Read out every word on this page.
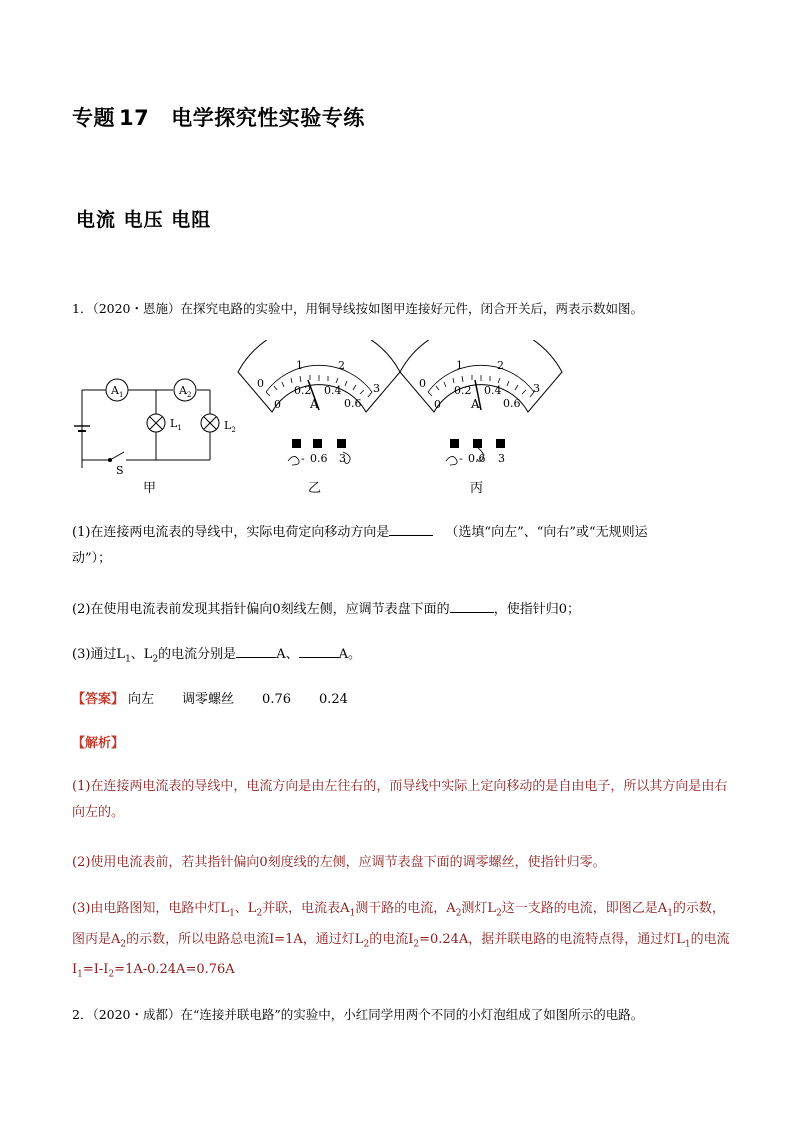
专题 17 电学探究性实验专练
电流 电压 电阻
1．（2020・恩施）在探究电路的实验中，用铜导线按如图甲连接好元件，闭合开关后，两表示数如图。
$A_1$	$A_2$
$L_1$	$L_2$
S
甲
0
1	2
3
0
0.2 0.4
0.6
A
- 0.6 3
乙
0
1	2
3
0
0.2 0.4
0.6
A
- 0.6 3
丙
(1)在连接两电流表的导线中，实际电荷定向移动方向是	（选填“向左”、“向右”或“无规则运
动”）；
(2)在使用电流表前发现其指针偏向0刻线左侧，应调节表盘下面的	，使指针归0；
(3)通过$L_1$、$L_2$的电流分别是	A、	A。
【答案】 向左 调零螺丝 0.76 0.24
【解析】
(1)在连接两电流表的导线中，电流方向是由左往右的，而导线中实际上定向移动的是自由电子，所以其方向是由右向左的。
(2)使用电流表前，若其指针偏向0刻度线的左侧，应调节表盘下面的调零螺丝，使指针归零。
(3)由电路图知，电路中灯$L_1$、$L_2$并联，电流表$A_1$测干路的电流，$A_2$测灯$L_2$这一支路的电流，即图乙是$A_1$的示数，图丙是$A_2$的示数，所以电路总电流I=1A，通过灯$L_2$的电流$I_2=0.24A$，据并联电路的电流特点得，通过灯$L_1$的电流$I_1=I-I_2=1A-0.24A=0.76A$
2．（2020・成都）在“连接并联电路”的实验中，小红同学用两个不同的小灯泡组成了如图所示的电路。
